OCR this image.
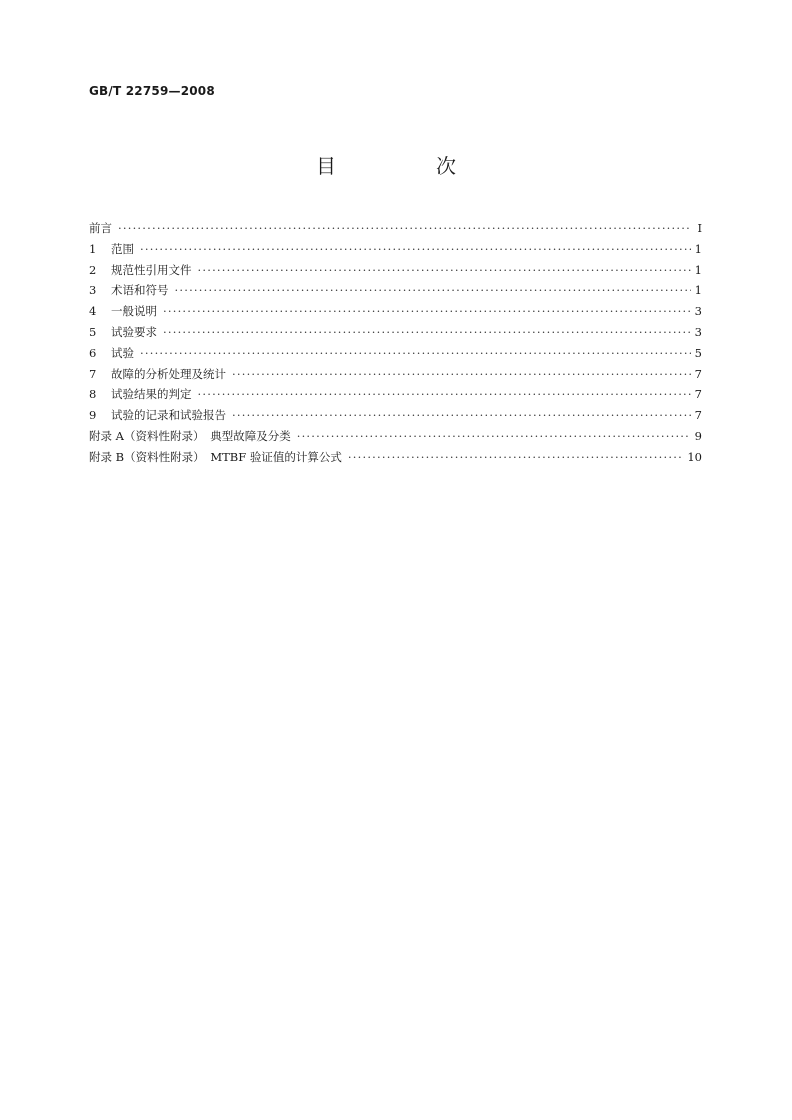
GB/T 22759—2008
目　次
前言 ·····	Ⅰ
1	范围 ·····	1
2	规范性引用文件 ·····	1
3	术语和符号 ·····	1
4	一般说明 ·····	3
5	试验要求 ·····	3
6	试验 ·····	5
7	故障的分析处理及统计 ·····	7
8	试验结果的判定 ·····	7
9	试验的记录和试验报告 ·····	7
附录 A（资料性附录）　典型故障及分类 ·····	9
附录 B（资料性附录）　MTBF 验证值的计算公式 ·····	10
